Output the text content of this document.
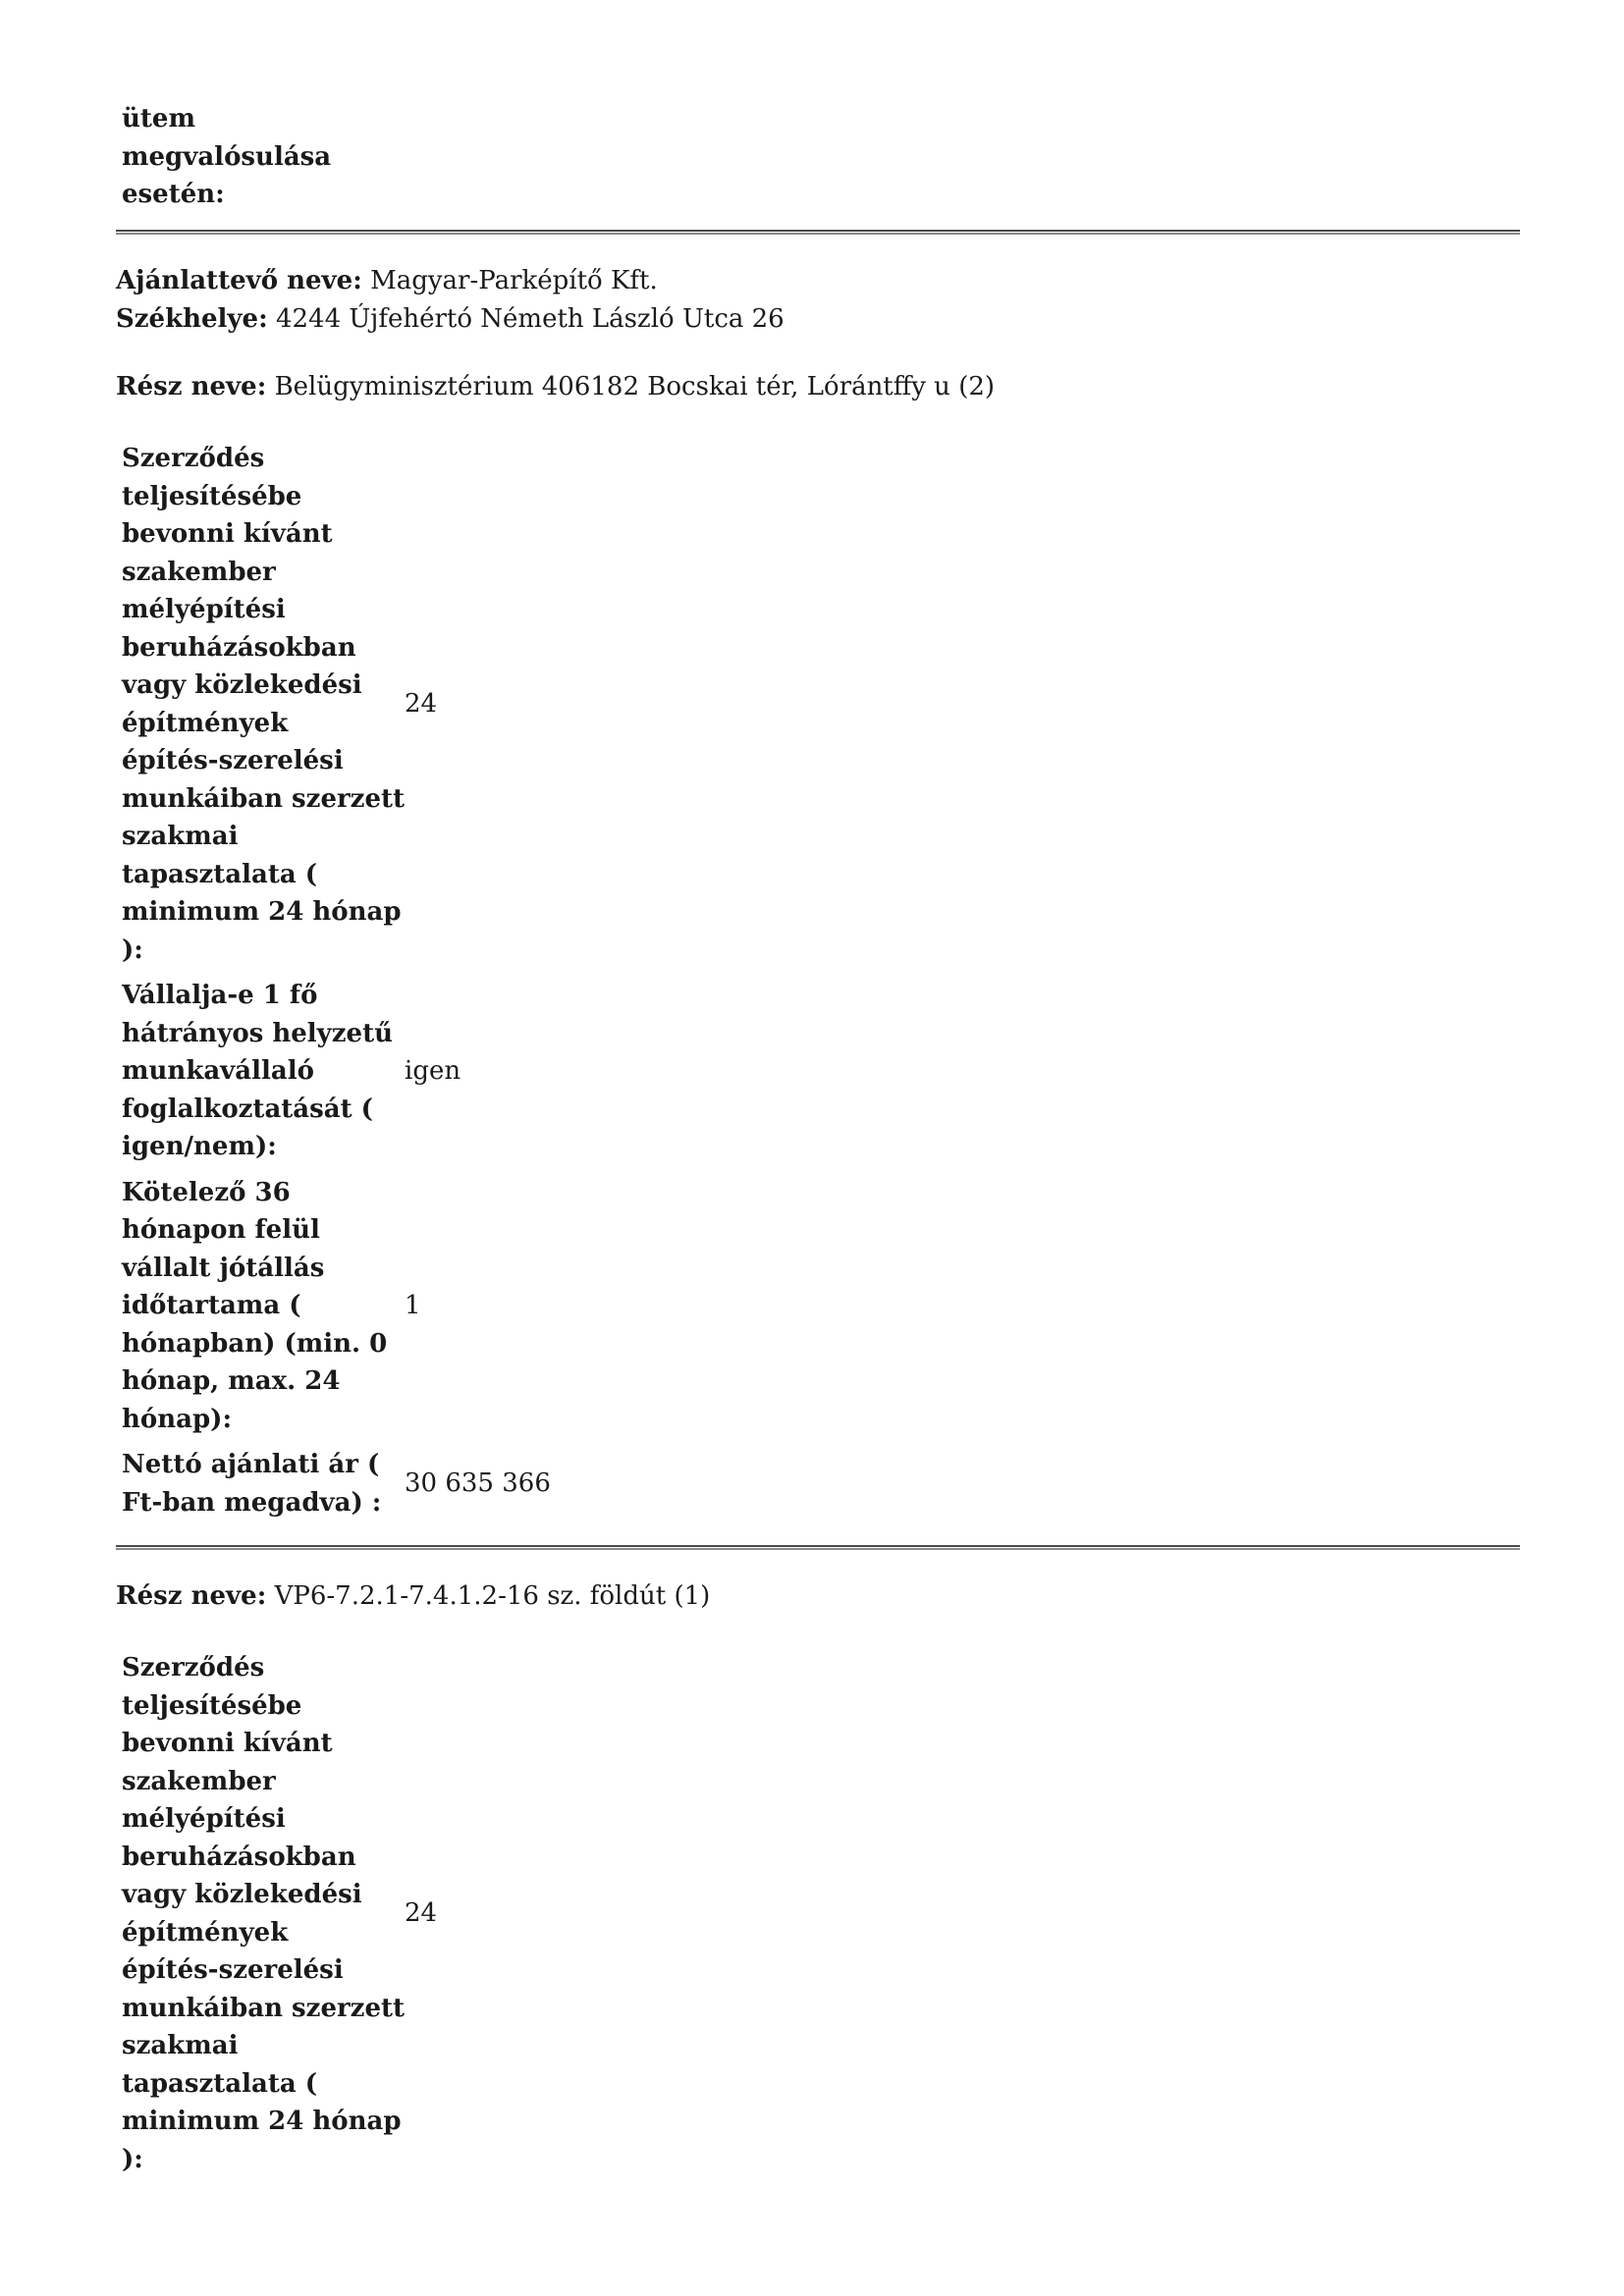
ütem
megvalósulása
esetén:
Ajánlattevő neve: Magyar-Parképítő Kft.
Székhelye: 4244 Újfehértó Németh László Utca 26
Rész neve: Belügyminisztérium 406182 Bocskai tér, Lórántffy u (2)
Szerződés
teljesítésébe
bevonni kívánt
szakember
mélyépítési
beruházásokban
vagy közlekedési
építmények
építés-szerelési
munkáiban szerzett
szakmai
tapasztalata (
minimum 24 hónap
):
24
Vállalja-e 1 fő
hátrányos helyzetű
munkavállaló
foglalkoztatását (
igen/nem):
igen
Kötelező 36
hónapon felül
vállalt jótállás
időtartama (
hónapban) (min. 0
hónap, max. 24
hónap):
1
Nettó ajánlati ár (
Ft-ban megadva) :
30 635 366
Rész neve: VP6-7.2.1-7.4.1.2-16 sz. földút (1)
Szerződés
teljesítésébe
bevonni kívánt
szakember
mélyépítési
beruházásokban
vagy közlekedési
építmények
építés-szerelési
munkáiban szerzett
szakmai
tapasztalata (
minimum 24 hónap
):
24
